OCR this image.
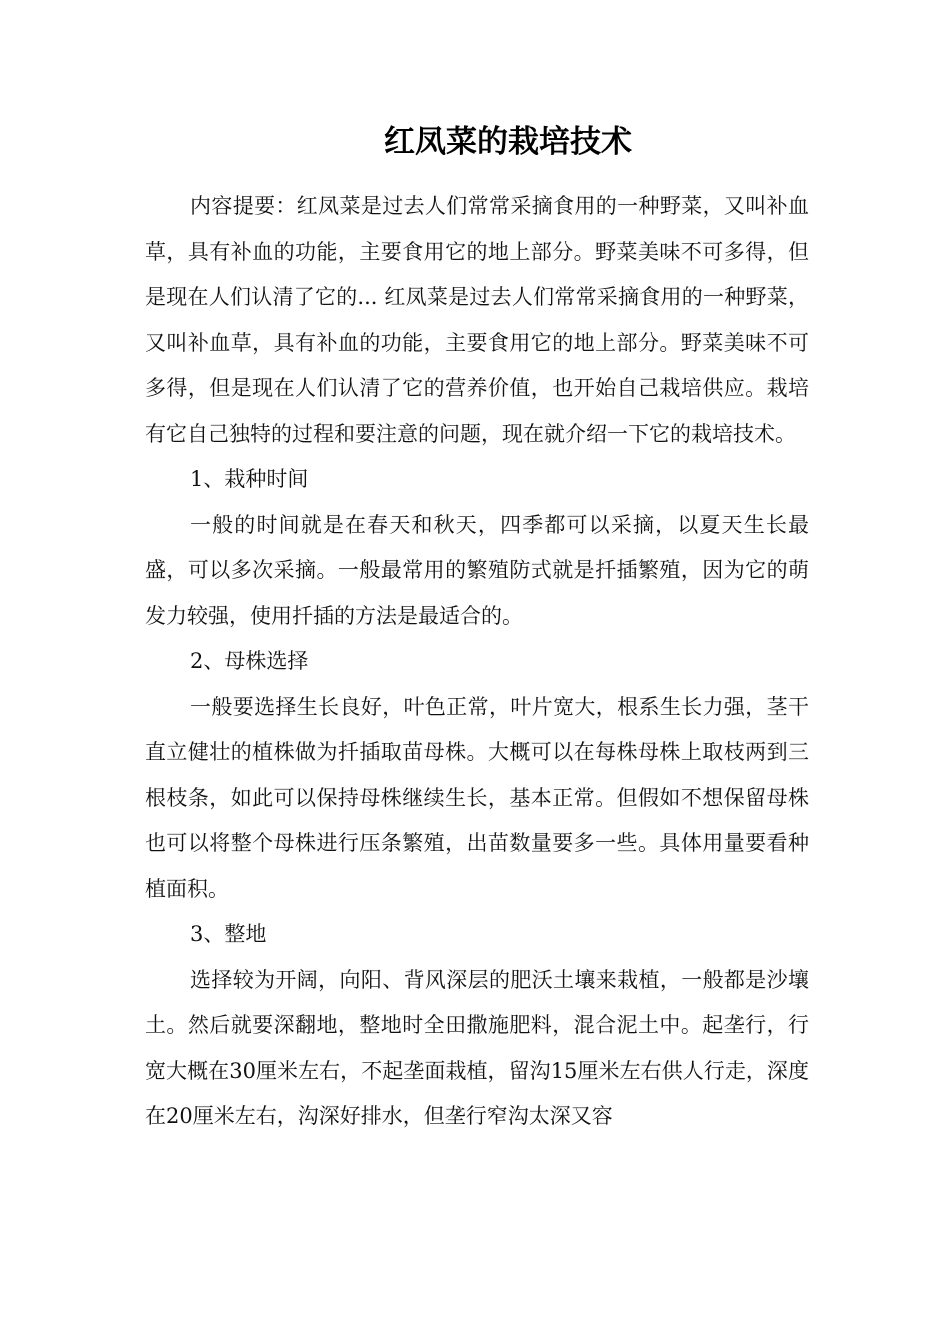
红凤菜的栽培技术

内容提要：红凤菜是过去人们常常采摘食用的一种野菜，又叫补血草，具有补血的功能，主要食用它的地上部分。野菜美味不可多得，但是现在人们认清了它的... 红凤菜是过去人们常常采摘食用的一种野菜，又叫补血草，具有补血的功能，主要食用它的地上部分。野菜美味不可多得，但是现在人们认清了它的营养价值，也开始自己栽培供应。栽培有它自己独特的过程和要注意的问题，现在就介绍一下它的栽培技术。

1、栽种时间

一般的时间就是在春天和秋天，四季都可以采摘，以夏天生长最盛，可以多次采摘。一般最常用的繁殖防式就是扦插繁殖，因为它的萌发力较强，使用扦插的方法是最适合的。

2、母株选择

一般要选择生长良好，叶色正常，叶片宽大，根系生长力强，茎干直立健壮的植株做为扦插取苗母株。大概可以在每株母株上取枝两到三根枝条，如此可以保持母株继续生长，基本正常。但假如不想保留母株也可以将整个母株进行压条繁殖，出苗数量要多一些。具体用量要看种植面积。

3、整地

选择较为开阔，向阳、背风深层的肥沃土壤来栽植，一般都是沙壤土。然后就要深翻地，整地时全田撒施肥料，混合泥土中。起垄行，行宽大概在30厘米左右，不起垄面栽植，留沟15厘米左右供人行走，深度在20厘米左右，沟深好排水，但垄行窄沟太深又容
